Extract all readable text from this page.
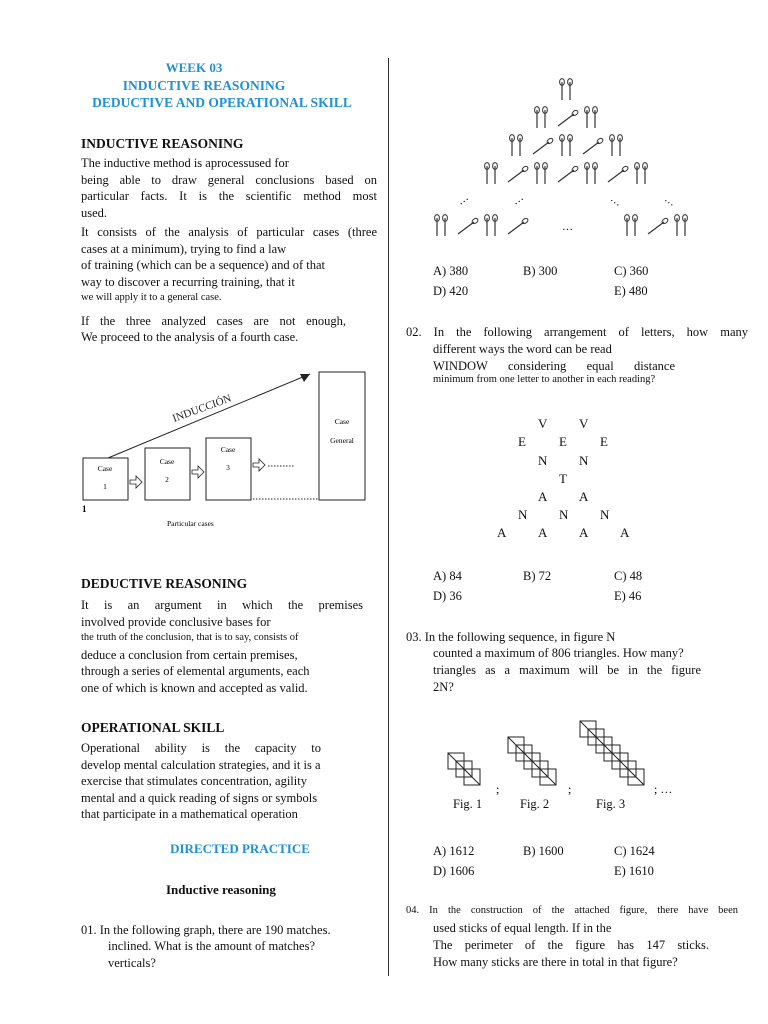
WEEK 03
INDUCTIVE REASONING
DEDUCTIVE AND OPERATIONAL SKILL
INDUCTIVE REASONING
The inductive method is aprocessused for
being able to draw general conclusions based on
particular facts. It is the scientific method most
used.
It consists of the analysis of particular cases (three
cases at a minimum), trying to find a law
of training (which can be a sequence) and of that
way to discover a recurring training, that it
we will apply it to a general case.
If the three analyzed cases are not enough,
We proceed to the analysis of a fourth case.
INDUCCIÓN
Case
1
Case
2
Case
3
Case
General
1
Particular cases
DEDUCTIVE REASONING
It is an argument in which the premises
involved provide conclusive bases for
the truth of the conclusion, that is to say, consists of
deduce a conclusion from certain premises,
through a series of elemental arguments, each
one of which is known and accepted as valid.
OPERATIONAL SKILL
Operational ability is the capacity to
develop mental calculation strategies, and it is a
exercise that stimulates concentration, agility
mental and a quick reading of signs or symbols
that participate in a mathematical operation
DIRECTED PRACTICE
Inductive reasoning
01. In the following graph, there are 190 matches.
inclined. What is the amount of matches?
verticals?
…	…	…	…
…
A) 380	B) 300	C) 360
D) 420	E) 480
02. In the following arrangement of letters, how many
different ways the word can be read
WINDOW considering equal distance
minimum from one letter to another in each reading?
V V
E	E	E
N N
T
A A
N N N
A A A A
A) 84	B) 72	C) 48
D) 36	E) 46
03. In the following sequence, in figure N
counted a maximum of 806 triangles. How many?
triangles as a maximum will be in the figure
2N?
;	;	; …
Fig. 1	Fig. 2	Fig. 3
A) 1612	B) 1600	C) 1624
D) 1606	E) 1610
04. In the construction of the attached figure, there have been
used sticks of equal length. If in the
The perimeter of the figure has 147 sticks.
How many sticks are there in total in that figure?
